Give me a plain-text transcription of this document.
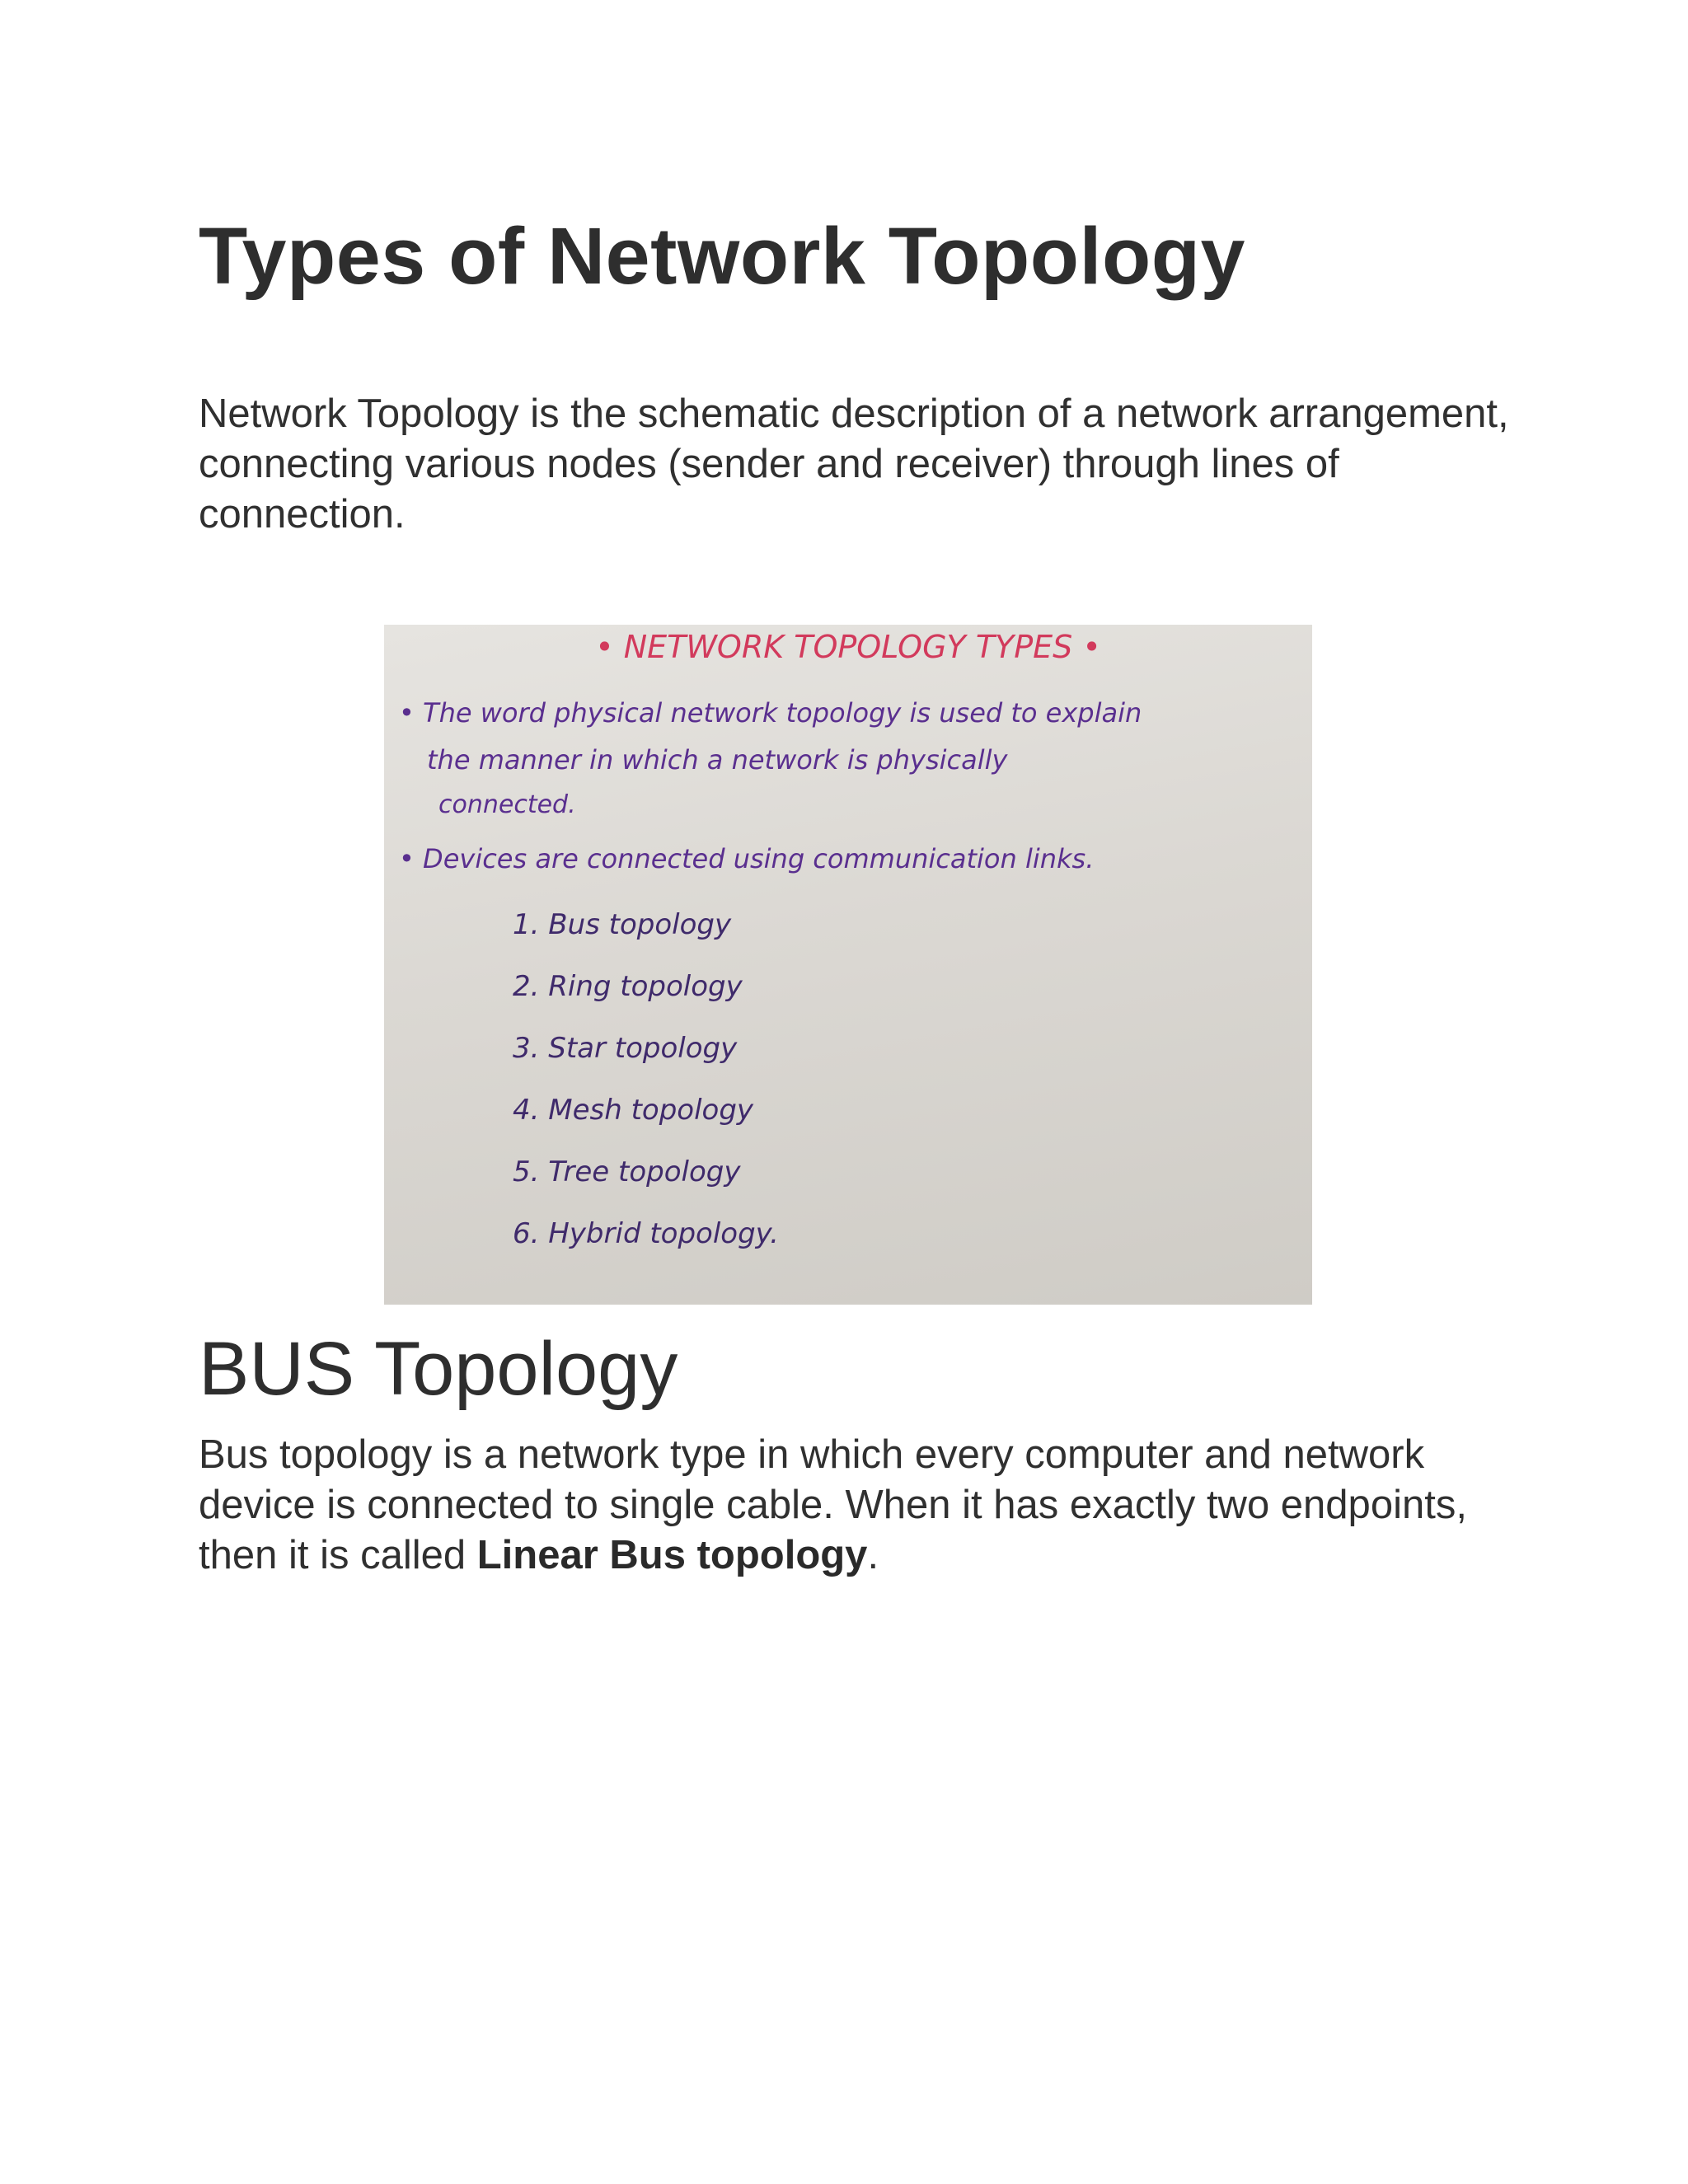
Types of Network Topology

Network Topology is the schematic description of a network arrangement, connecting various nodes (sender and receiver) through lines of connection.

• NETWORK TOPOLOGY TYPES •
• The word physical network topology is used to explain
the manner in which a network is physically
connected.
• Devices are connected using communication links.
1. Bus topology
2. Ring topology
3. Star topology
4. Mesh topology
5. Tree topology
6. Hybrid topology.
BUS Topology

Bus topology is a network type in which every computer and network device is connected to single cable. When it has exactly two endpoints, then it is called Linear Bus topology.
